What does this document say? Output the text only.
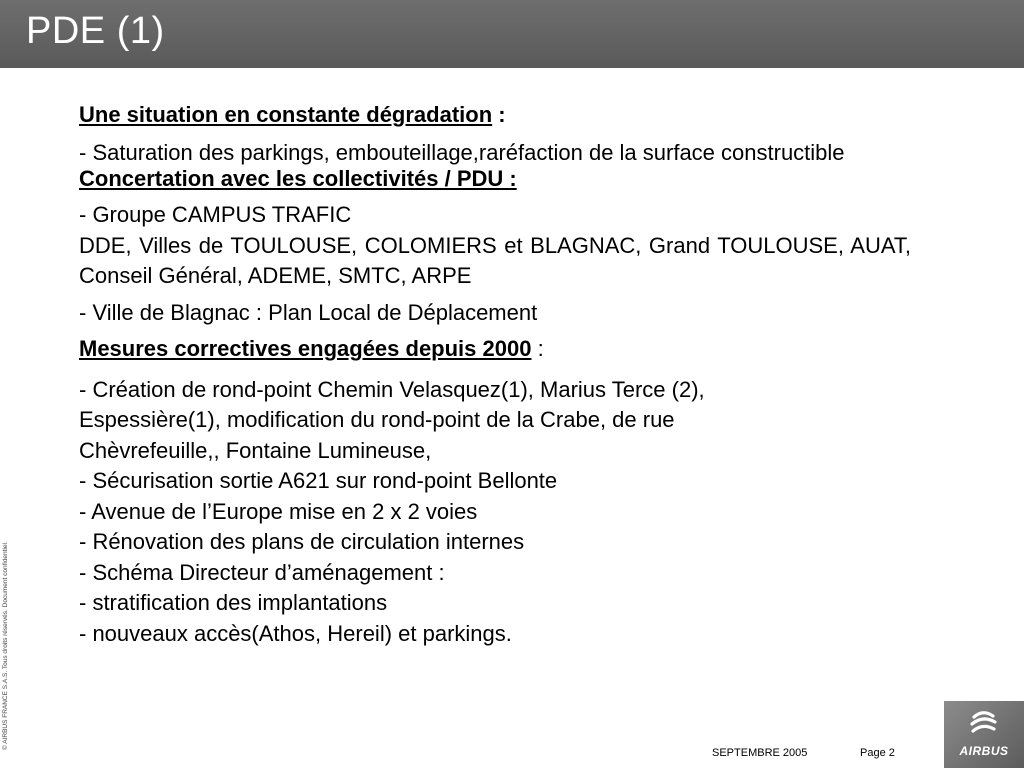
PDE (1)

Une situation en constante dégradation :

- Saturation des parkings, embouteillage,raréfaction de la surface constructible

Concertation avec les collectivités / PDU :

- Groupe CAMPUS TRAFIC

DDE, Villes de TOULOUSE, COLOMIERS et BLAGNAC, Grand TOULOUSE, AUAT, Conseil Général, ADEME, SMTC, ARPE

- Ville de Blagnac : Plan Local de Déplacement

Mesures correctives engagées depuis 2000 :

- Création de rond-point Chemin Velasquez(1), Marius Terce (2), Espessière(1), modification du rond-point de la Crabe, de rue Chèvrefeuille,, Fontaine Lumineuse,

- Sécurisation sortie A621 sur rond-point Bellonte

- Avenue de l’Europe mise en 2 x 2 voies

- Rénovation des plans de circulation internes

- Schéma Directeur d’aménagement :

- stratification des implantations

- nouveaux accès(Athos, Hereil) et parkings.

© AIRBUS FRANCE S.A.S. Tous droits réservés. Document confidentiel.
SEPTEMBRE 2005	Page 2	AIRBUS
